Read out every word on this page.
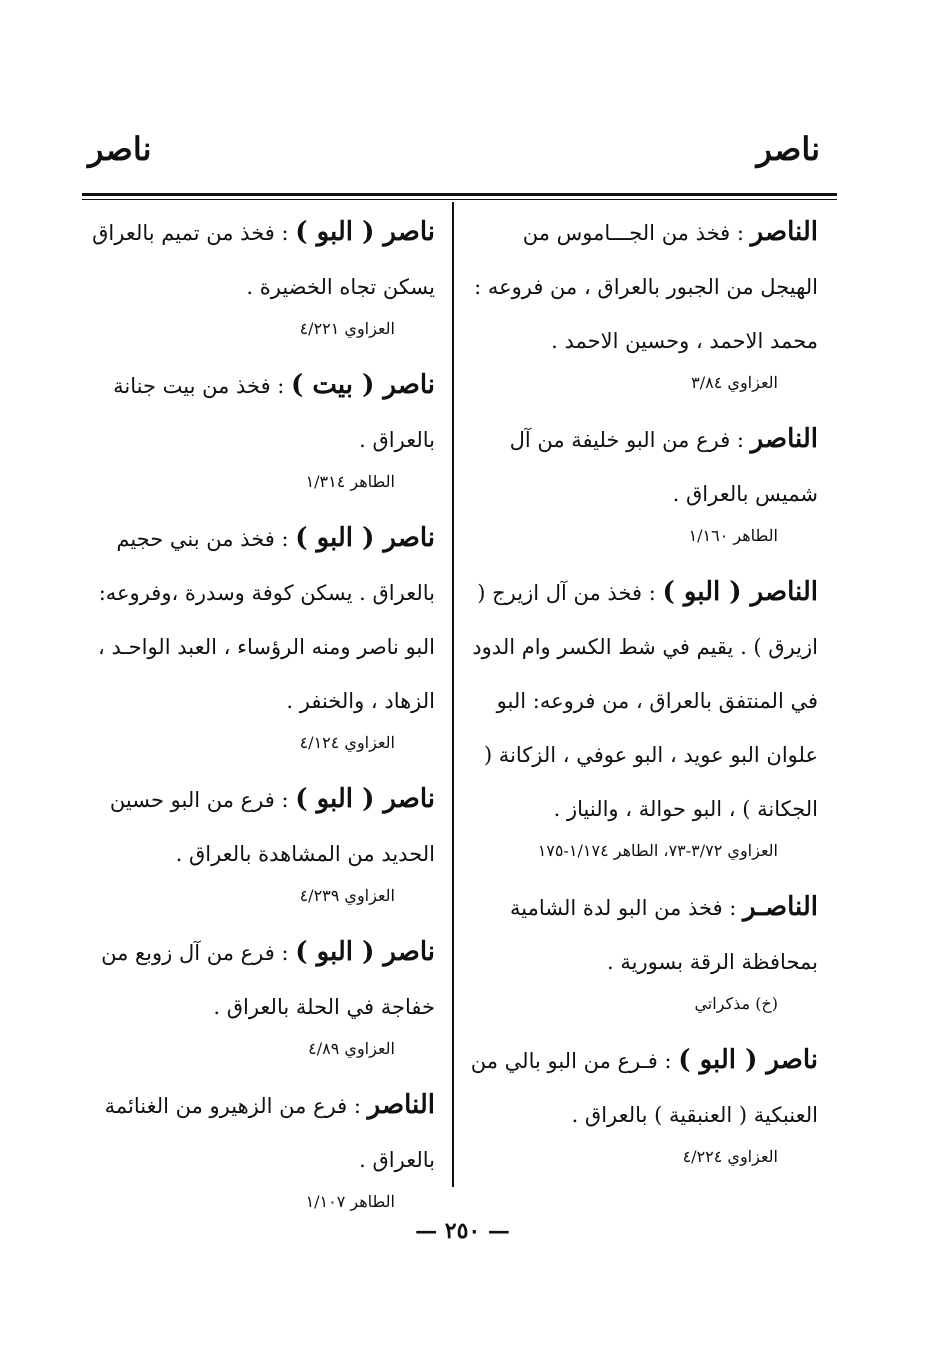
ناصر
ناصر

الناصر : فخذ من الجـــاموس من الهيجل من الجبور بالعراق ، من فروعه : محمد الاحمد ، وحسين الاحمد .

العزاوي ٣/٨٤

الناصر : فرع من البو خليفة من آل شميس بالعراق .

الطاهر ١/١٦٠

الناصر ( البو ) : فخذ من آل ازيرج ( ازيرق ) . يقيم في شط الكسر وام الدود في المنتفق بالعراق ، من فروعه: البو علوان البو عويد ، البو عوفي ، الزكانة ( الجكانة ) ، البو حوالة ، والنياز .

العزاوي ٣/٧٢-٧٣، الطاهر ١/١٧٤-١٧٥

الناصـر : فخذ من البو لدة الشامية بمحافظة الرقة بسورية .

(خ) مذكراتي

ناصر ( البو ) : فـرع من البو بالي من العنبكية ( العنبقية ) بالعراق .

العزاوي ٤/٢٢٤

ناصر ( البو ) : فخذ من تميم بالعراق يسكن تجاه الخضيرة .

العزاوي ٤/٢٢١

ناصر ( بيت ) : فخذ من بيت جنانة بالعراق .

الطاهر ١/٣١٤

ناصر ( البو ) : فخذ من بني حجيم بالعراق . يسكن كوفة وسدرة ،وفروعه: البو ناصر ومنه الرؤساء ، العبد الواحـد ، الزهاد ، والخنفر .

العزاوي ٤/١٢٤

ناصر ( البو ) : فرع من البو حسين الحديد من المشاهدة بالعراق .

العزاوي ٤/٢٣٩

ناصر ( البو ) : فرع من آل زوبع من خفاجة في الحلة بالعراق .

العزاوي ٤/٨٩

الناصر : فرع من الزهيرو من الغنائمة بالعراق .

الطاهر ١/١٠٧

— ٢٥٠ —
